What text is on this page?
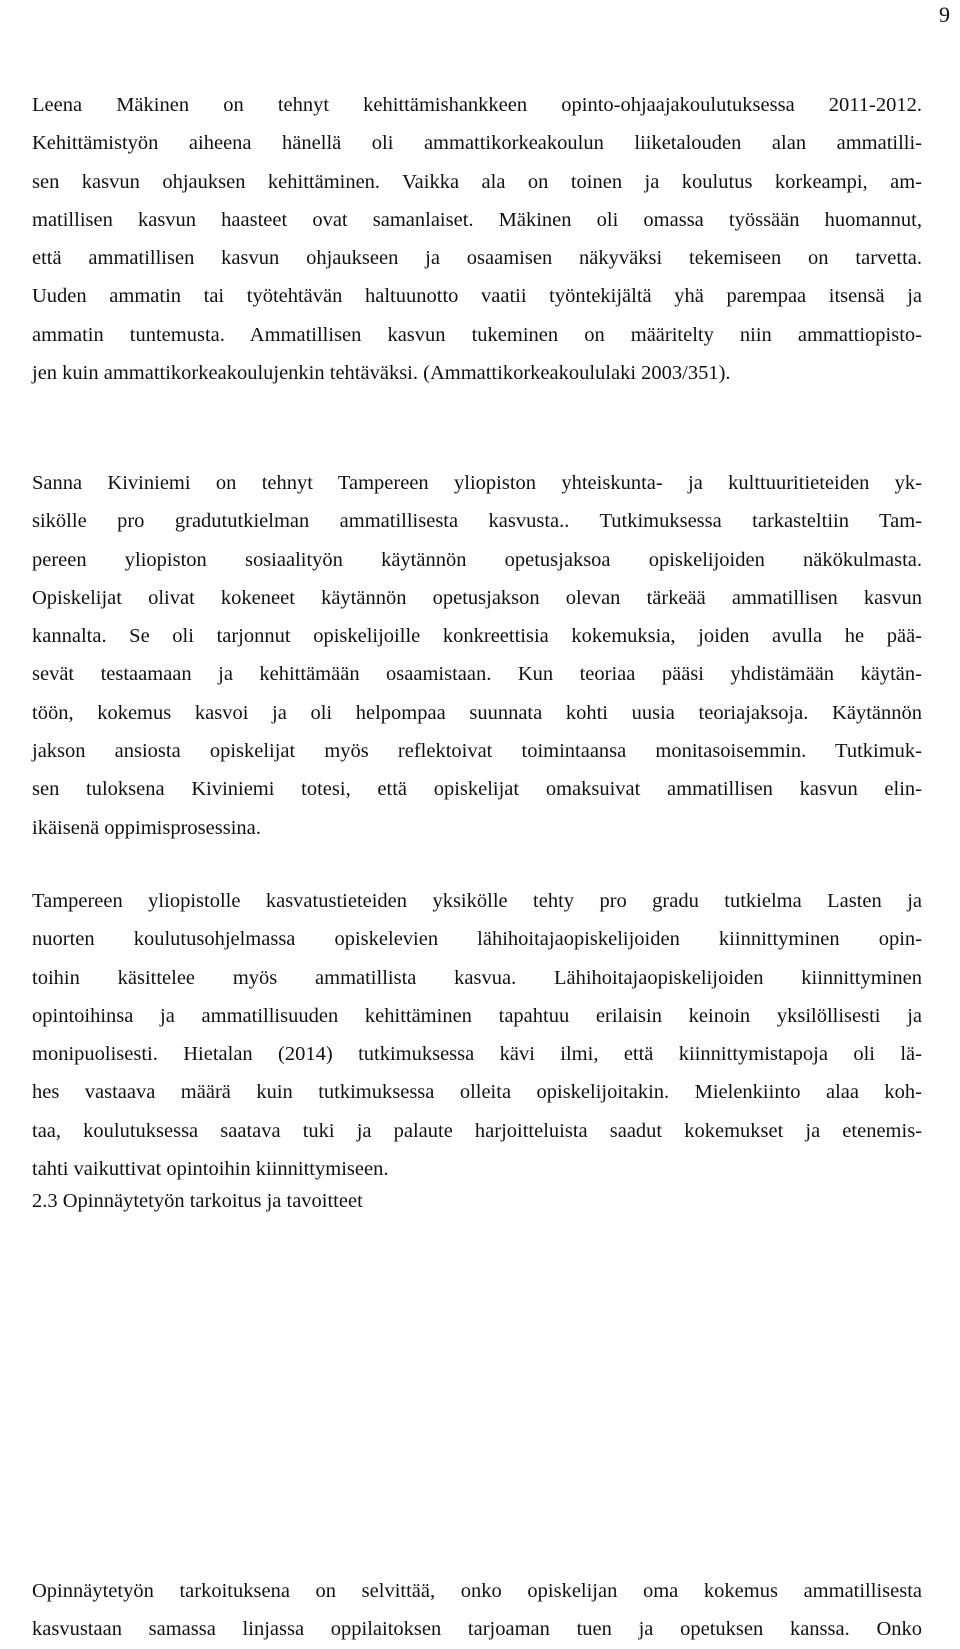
9
Leena Mäkinen on tehnyt kehittämishankkeen opinto-ohjaajakoulutuksessa 2011-2012.
Kehittämistyön aiheena hänellä oli ammattikorkeakoulun liiketalouden alan ammatilli-
sen kasvun ohjauksen kehittäminen. Vaikka ala on toinen ja koulutus korkeampi, am-
matillisen kasvun haasteet ovat samanlaiset. Mäkinen oli omassa työssään huomannut,
että ammatillisen kasvun ohjaukseen ja osaamisen näkyväksi tekemiseen on tarvetta.
Uuden ammatin tai työtehtävän haltuunotto vaatii työntekijältä yhä parempaa itsensä ja
ammatin tuntemusta. Ammatillisen kasvun tukeminen on määritelty niin ammattiopisto-
jen kuin ammattikorkeakoulujenkin tehtäväksi. (Ammattikorkeakoululaki 2003/351).
Sanna Kiviniemi on tehnyt Tampereen yliopiston yhteiskunta- ja kulttuuritieteiden yk-
sikölle pro gradututkielman ammatillisesta kasvusta.. Tutkimuksessa tarkasteltiin Tam-
pereen yliopiston sosiaalityön käytännön opetusjaksoa opiskelijoiden näkökulmasta.
Opiskelijat olivat kokeneet käytännön opetusjakson olevan tärkeää ammatillisen kasvun
kannalta. Se oli tarjonnut opiskelijoille konkreettisia kokemuksia, joiden avulla he pää-
sevät testaamaan ja kehittämään osaamistaan. Kun teoriaa pääsi yhdistämään käytän-
töön, kokemus kasvoi ja oli helpompaa suunnata kohti uusia teoriajaksoja. Käytännön
jakson ansiosta opiskelijat myös reflektoivat toimintaansa monitasoisemmin. Tutkimuk-
sen tuloksena Kiviniemi totesi, että opiskelijat omaksuivat ammatillisen kasvun elin-
ikäisenä oppimisprosessina.
Tampereen yliopistolle kasvatustieteiden yksikölle tehty pro gradu tutkielma Lasten ja
nuorten koulutusohjelmassa opiskelevien lähihoitajaopiskelijoiden kiinnittyminen opin-
toihin käsittelee myös ammatillista kasvua. Lähihoitajaopiskelijoiden kiinnittyminen
opintoihinsa ja ammatillisuuden kehittäminen tapahtuu erilaisin keinoin yksilöllisesti ja
monipuolisesti. Hietalan (2014) tutkimuksessa kävi ilmi, että kiinnittymistapoja oli lä-
hes vastaava määrä kuin tutkimuksessa olleita opiskelijoitakin. Mielenkiinto alaa koh-
taa, koulutuksessa saatava tuki ja palaute harjoitteluista saadut kokemukset ja etenemis-
tahti vaikuttivat opintoihin kiinnittymiseen.
2.3 Opinnäytetyön tarkoitus ja tavoitteet
Opinnäytetyön tarkoituksena on selvittää, onko opiskelijan oma kokemus ammatillisesta
kasvustaan samassa linjassa oppilaitoksen tarjoaman tuen ja opetuksen kanssa. Onko
